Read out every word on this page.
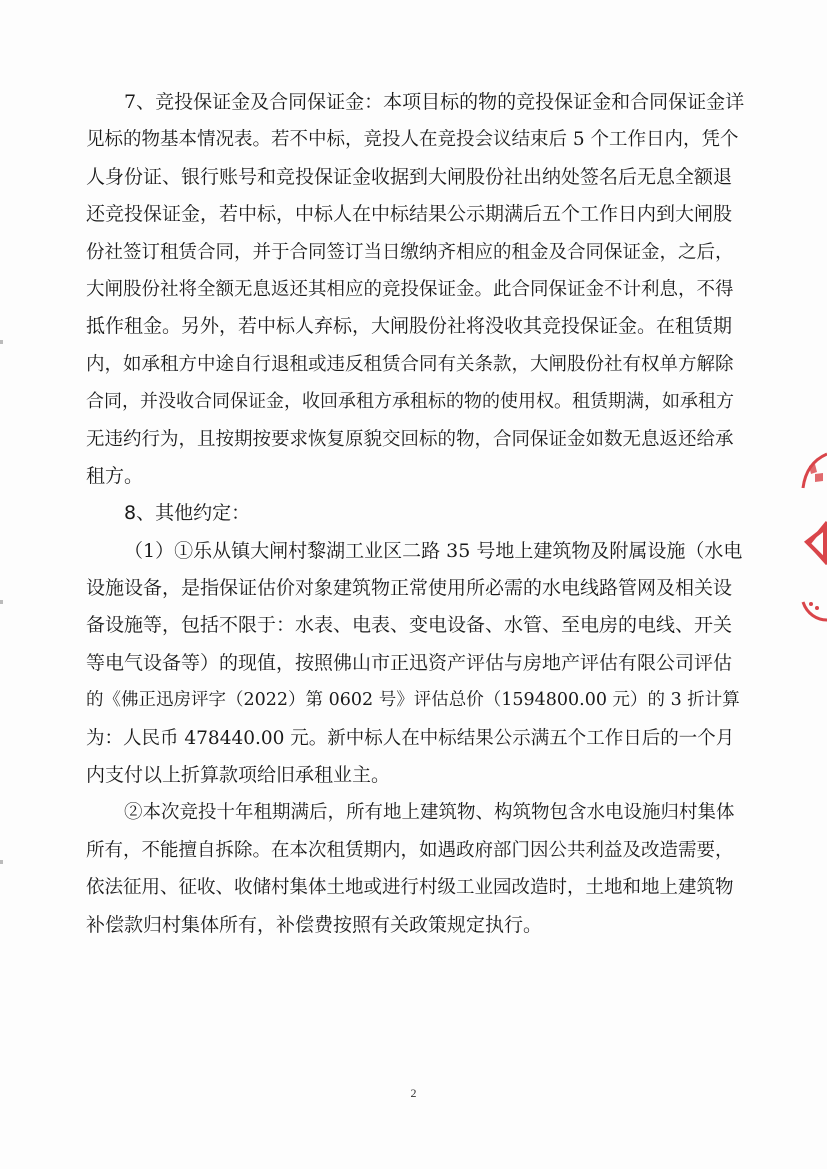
7、竞投保证金及合同保证金：本项目标的物的竞投保证金和合同保证金详
见标的物基本情况表。若不中标，竞投人在竞投会议结束后 5 个工作日内，凭个
人身份证、银行账号和竞投保证金收据到大闸股份社出纳处签名后无息全额退
还竞投保证金，若中标，中标人在中标结果公示期满后五个工作日内到大闸股
份社签订租赁合同，并于合同签订当日缴纳齐相应的租金及合同保证金，之后，
大闸股份社将全额无息返还其相应的竞投保证金。此合同保证金不计利息，不得
抵作租金。另外，若中标人弃标，大闸股份社将没收其竞投保证金。在租赁期
内，如承租方中途自行退租或违反租赁合同有关条款，大闸股份社有权单方解除
合同，并没收合同保证金，收回承租方承租标的物的使用权。租赁期满，如承租方
无违约行为，且按期按要求恢复原貌交回标的物，合同保证金如数无息返还给承
租方。
8、其他约定：
（1）①乐从镇大闸村黎湖工业区二路 35 号地上建筑物及附属设施（水电
设施设备，是指保证估价对象建筑物正常使用所必需的水电线路管网及相关设
备设施等，包括不限于：水表、电表、变电设备、水管、至电房的电线、开关
等电气设备等）的现值，按照佛山市正迅资产评估与房地产评估有限公司评估
的《佛正迅房评字（2022）第 0602 号》评估总价（1594800.00 元）的 3 折计算
为：人民币 478440.00 元。新中标人在中标结果公示满五个工作日后的一个月
内支付以上折算款项给旧承租业主。
②本次竞投十年租期满后，所有地上建筑物、构筑物包含水电设施归村集体
所有，不能擅自拆除。在本次租赁期内，如遇政府部门因公共利益及改造需要，
依法征用、征收、收储村集体土地或进行村级工业园改造时，土地和地上建筑物
补偿款归村集体所有，补偿费按照有关政策规定执行。
2
